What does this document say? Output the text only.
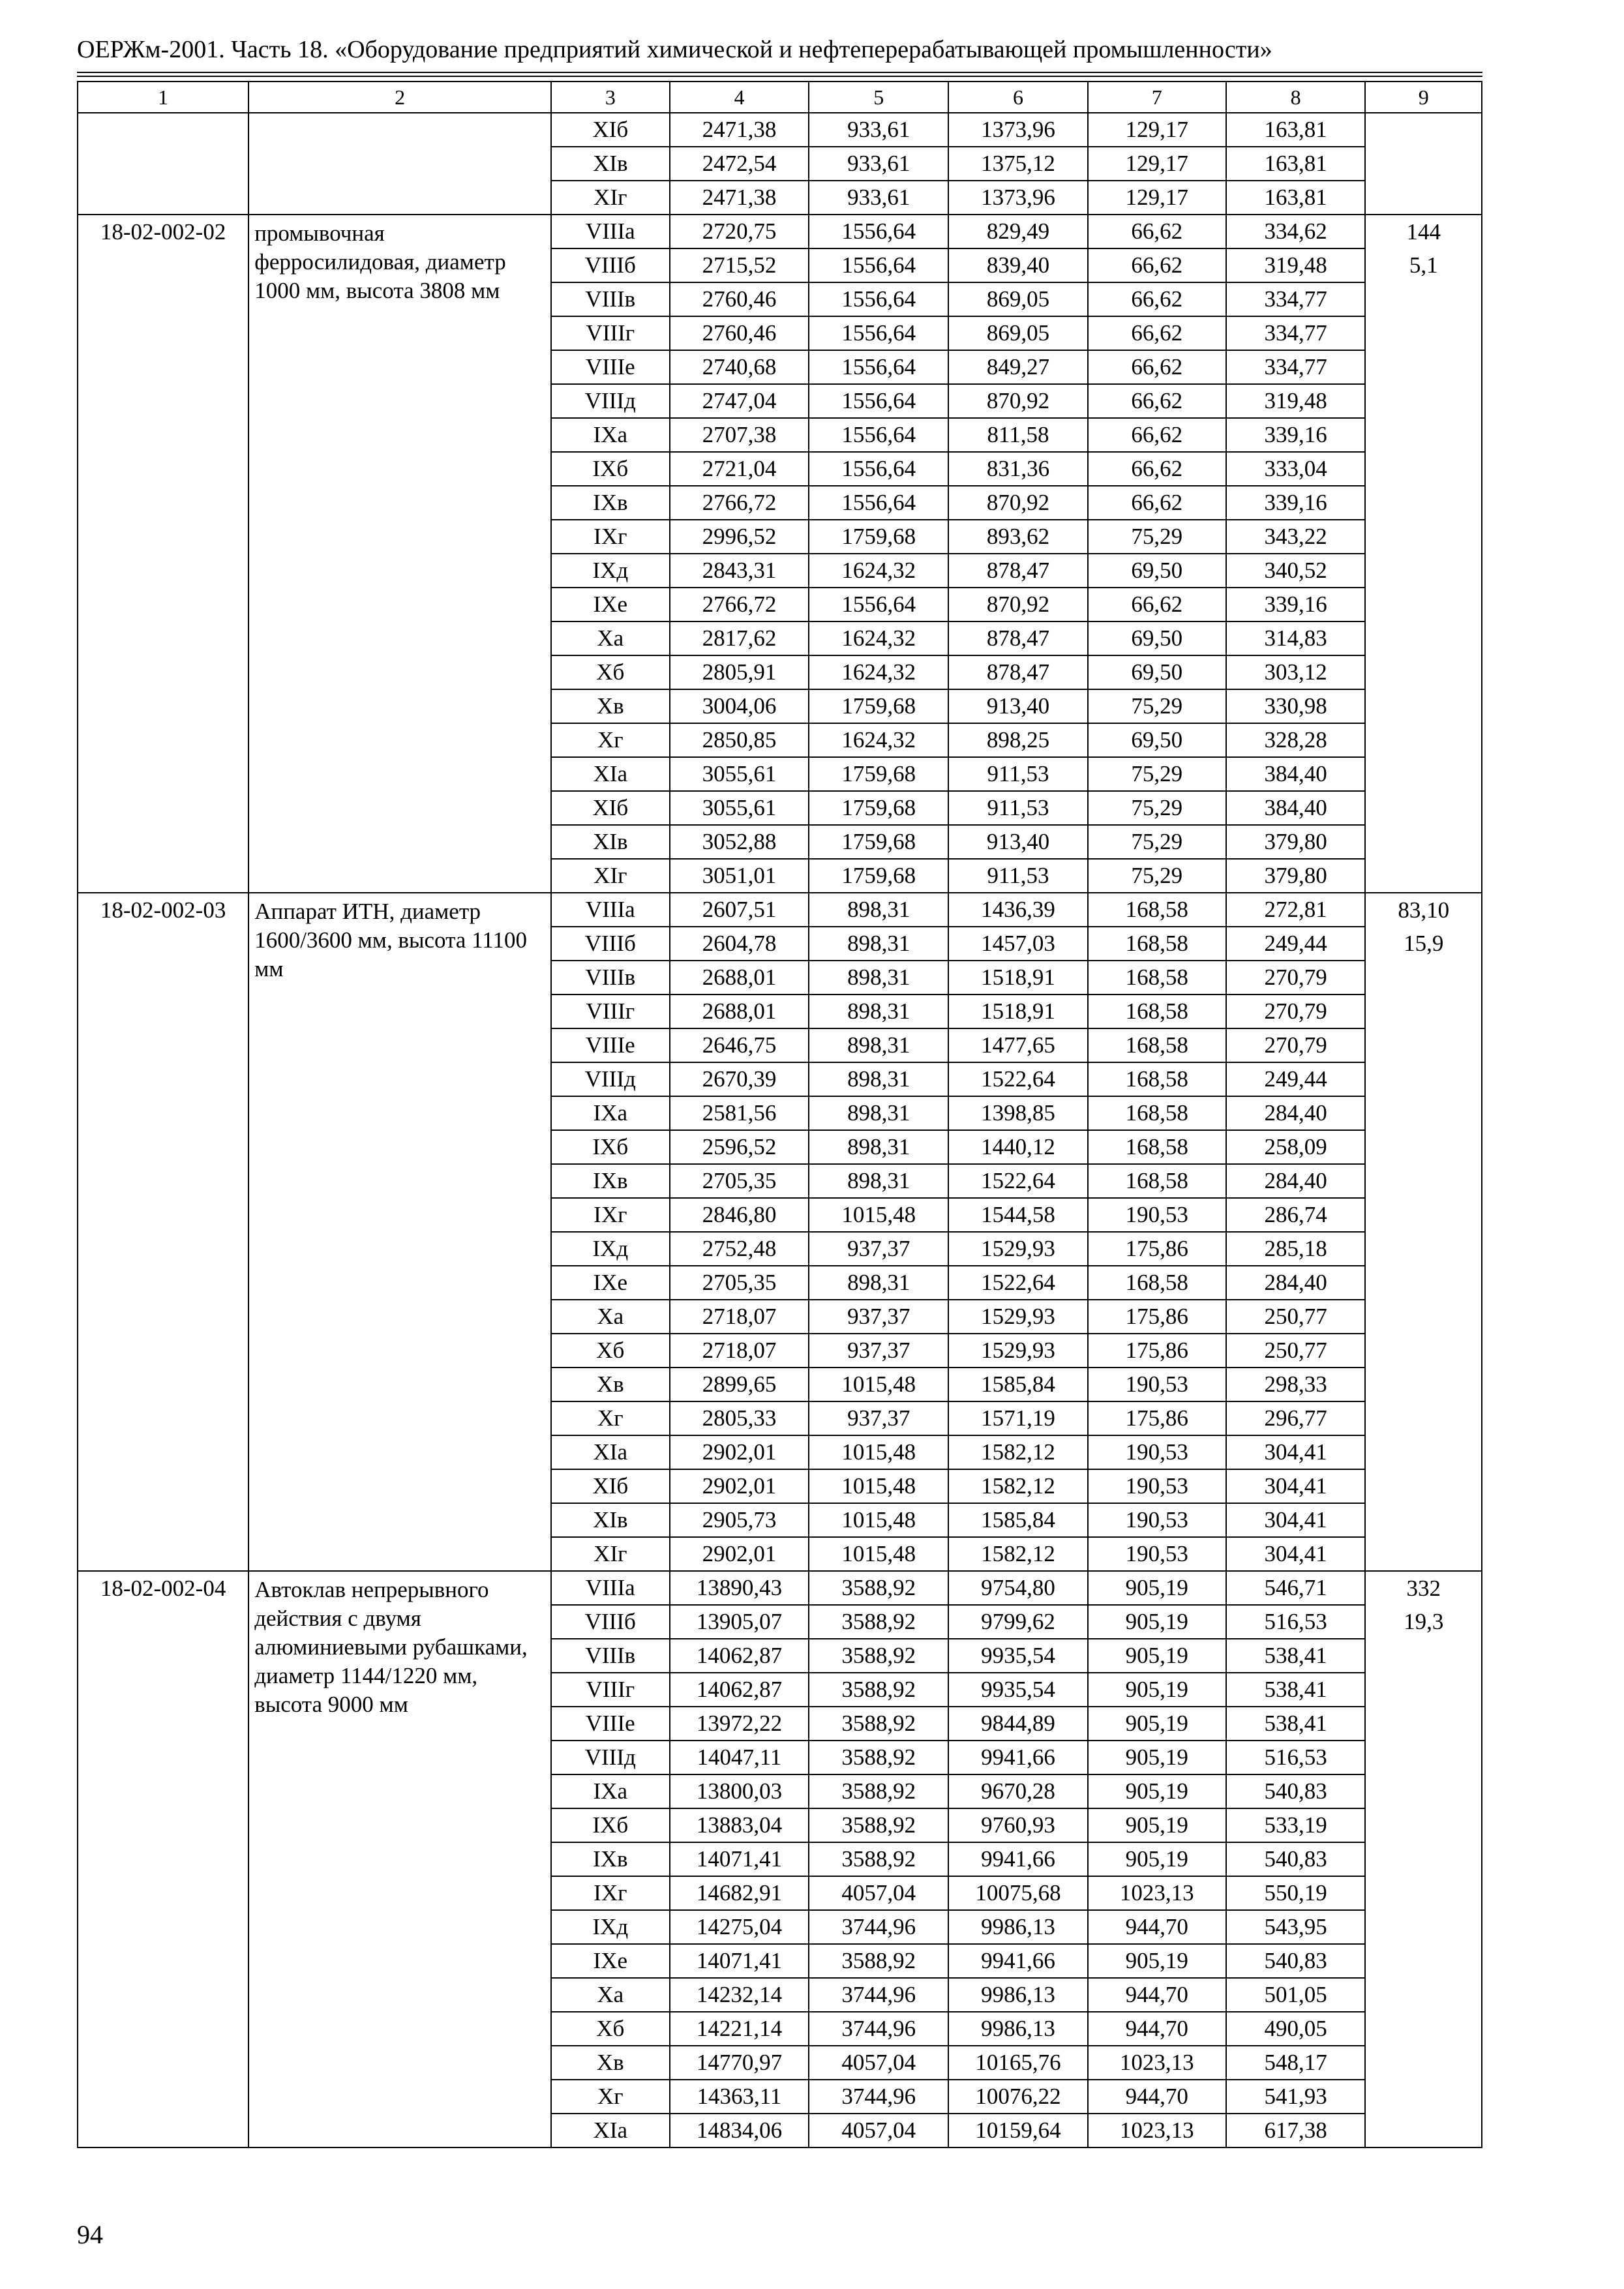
ОЕРЖм-2001. Часть 18. «Оборудование предприятий химической и нефтеперерабатывающей промышленности»
1	2	3	4	5	6	7	8	9
		XIб	2471,38	933,61	1373,96	129,17	163,81	
		XIв	2472,54	933,61	1375,12	129,17	163,81	
		XIг	2471,38	933,61	1373,96	129,17	163,81	
18-02-002-02	промывочная ферросилидовая, диаметр 1000 мм, высота 3808 мм	VIIIа	2720,75	1556,64	829,49	66,62	334,62	144
		VIIIб	2715,52	1556,64	839,40	66,62	319,48	5,1
		VIIIв	2760,46	1556,64	869,05	66,62	334,77	
		VIIIг	2760,46	1556,64	869,05	66,62	334,77	
		VIIIе	2740,68	1556,64	849,27	66,62	334,77	
		VIIIд	2747,04	1556,64	870,92	66,62	319,48	
		IXа	2707,38	1556,64	811,58	66,62	339,16	
		IXб	2721,04	1556,64	831,36	66,62	333,04	
		IXв	2766,72	1556,64	870,92	66,62	339,16	
		IXг	2996,52	1759,68	893,62	75,29	343,22	
		IXд	2843,31	1624,32	878,47	69,50	340,52	
		IXе	2766,72	1556,64	870,92	66,62	339,16	
		Xа	2817,62	1624,32	878,47	69,50	314,83	
		Xб	2805,91	1624,32	878,47	69,50	303,12	
		Xв	3004,06	1759,68	913,40	75,29	330,98	
		Xг	2850,85	1624,32	898,25	69,50	328,28	
		XIа	3055,61	1759,68	911,53	75,29	384,40	
		XIб	3055,61	1759,68	911,53	75,29	384,40	
		XIв	3052,88	1759,68	913,40	75,29	379,80	
		XIг	3051,01	1759,68	911,53	75,29	379,80	
18-02-002-03	Аппарат ИТН, диаметр 1600/3600 мм, высота 11100 мм	VIIIа	2607,51	898,31	1436,39	168,58	272,81	83,10
		VIIIб	2604,78	898,31	1457,03	168,58	249,44	15,9
		VIIIв	2688,01	898,31	1518,91	168,58	270,79	
		VIIIг	2688,01	898,31	1518,91	168,58	270,79	
		VIIIе	2646,75	898,31	1477,65	168,58	270,79	
		VIIIд	2670,39	898,31	1522,64	168,58	249,44	
		IXа	2581,56	898,31	1398,85	168,58	284,40	
		IXб	2596,52	898,31	1440,12	168,58	258,09	
		IXв	2705,35	898,31	1522,64	168,58	284,40	
		IXг	2846,80	1015,48	1544,58	190,53	286,74	
		IXд	2752,48	937,37	1529,93	175,86	285,18	
		IXе	2705,35	898,31	1522,64	168,58	284,40	
		Xа	2718,07	937,37	1529,93	175,86	250,77	
		Xб	2718,07	937,37	1529,93	175,86	250,77	
		Xв	2899,65	1015,48	1585,84	190,53	298,33	
		Xг	2805,33	937,37	1571,19	175,86	296,77	
		XIа	2902,01	1015,48	1582,12	190,53	304,41	
		XIб	2902,01	1015,48	1582,12	190,53	304,41	
		XIв	2905,73	1015,48	1585,84	190,53	304,41	
		XIг	2902,01	1015,48	1582,12	190,53	304,41	
18-02-002-04	Автоклав непрерывного действия с двумя алюминиевыми рубашками, диаметр 1144/1220 мм, высота 9000 мм	VIIIа	13890,43	3588,92	9754,80	905,19	546,71	332
		VIIIб	13905,07	3588,92	9799,62	905,19	516,53	19,3
		VIIIв	14062,87	3588,92	9935,54	905,19	538,41	
		VIIIг	14062,87	3588,92	9935,54	905,19	538,41	
		VIIIе	13972,22	3588,92	9844,89	905,19	538,41	
		VIIIд	14047,11	3588,92	9941,66	905,19	516,53	
		IXа	13800,03	3588,92	9670,28	905,19	540,83	
		IXб	13883,04	3588,92	9760,93	905,19	533,19	
		IXв	14071,41	3588,92	9941,66	905,19	540,83	
		IXг	14682,91	4057,04	10075,68	1023,13	550,19	
		IXд	14275,04	3744,96	9986,13	944,70	543,95	
		IXе	14071,41	3588,92	9941,66	905,19	540,83	
		Xа	14232,14	3744,96	9986,13	944,70	501,05	
		Xб	14221,14	3744,96	9986,13	944,70	490,05	
		Xв	14770,97	4057,04	10165,76	1023,13	548,17	
		Xг	14363,11	3744,96	10076,22	944,70	541,93	
		XIа	14834,06	4057,04	10159,64	1023,13	617,38	
94
